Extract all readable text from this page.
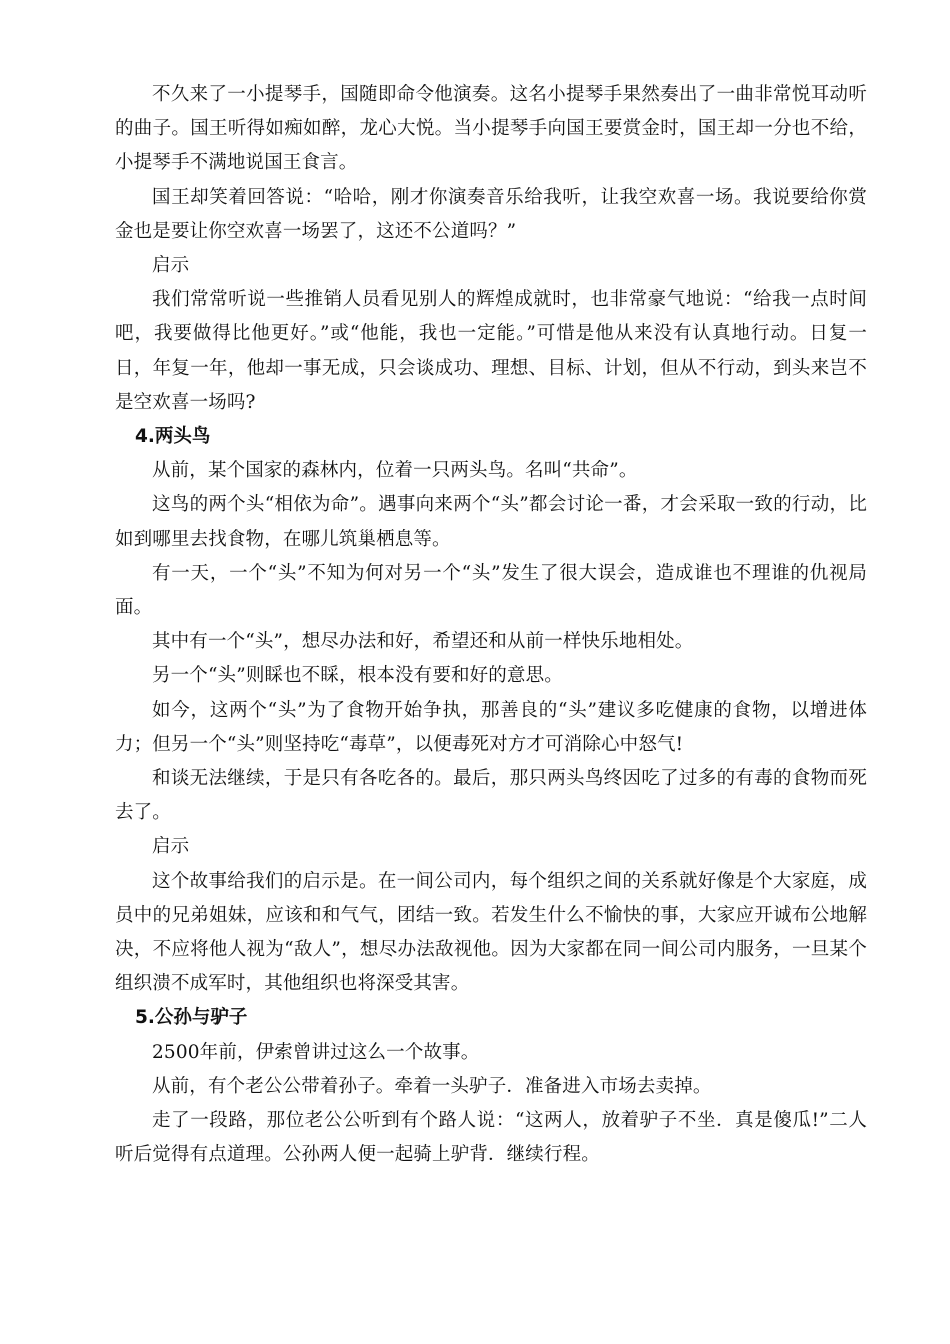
不久来了一小提琴手，国随即命令他演奏。这名小提琴手果然奏出了一曲非常悦耳动听的曲子。国王听得如痴如醉，龙心大悦。当小提琴手向国王要赏金时，国王却一分也不给，小提琴手不满地说国王食言。

国王却笑着回答说：“哈哈，刚才你演奏音乐给我听，让我空欢喜一场。我说要给你赏金也是要让你空欢喜一场罢了，这还不公道吗？”

启示

我们常常听说一些推销人员看见别人的辉煌成就时，也非常豪气地说：“给我一点时间吧，我要做得比他更好。”或“他能，我也一定能。”可惜是他从来没有认真地行动。日复一日，年复一年，他却一事无成，只会谈成功、理想、目标、计划，但从不行动，到头来岂不是空欢喜一场吗?

4.两头鸟

从前，某个国家的森林内，位着一只两头鸟。名叫“共命”。

这鸟的两个头“相依为命”。遇事向来两个“头”都会讨论一番，才会采取一致的行动，比如到哪里去找食物，在哪儿筑巢栖息等。

有一天，一个“头”不知为何对另一个“头”发生了很大误会，造成谁也不理谁的仇视局面。

其中有一个“头”，想尽办法和好，希望还和从前一样快乐地相处。

另一个“头”则睬也不睬，根本没有要和好的意思。

如今，这两个“头”为了食物开始争执，那善良的“头”建议多吃健康的食物，以增进体力；但另一个“头”则坚持吃“毒草”，以便毒死对方才可消除心中怒气!

和谈无法继续，于是只有各吃各的。最后，那只两头鸟终因吃了过多的有毒的食物而死去了。

启示

这个故事给我们的启示是。在一间公司内，每个组织之间的关系就好像是个大家庭，成员中的兄弟姐妹，应该和和气气，团结一致。若发生什么不愉快的事，大家应开诚布公地解决，不应将他人视为“敌人”，想尽办法敌视他。因为大家都在同一间公司内服务，一旦某个组织溃不成军时，其他组织也将深受其害。

5.公孙与驴子

2500年前，伊索曾讲过这么一个故事。

从前，有个老公公带着孙子。牵着一头驴子．准备进入市场去卖掉。

走了一段路，那位老公公听到有个路人说：“这两人，放着驴子不坐．真是傻瓜!”二人听后觉得有点道理。公孙两人便一起骑上驴背．继续行程。
